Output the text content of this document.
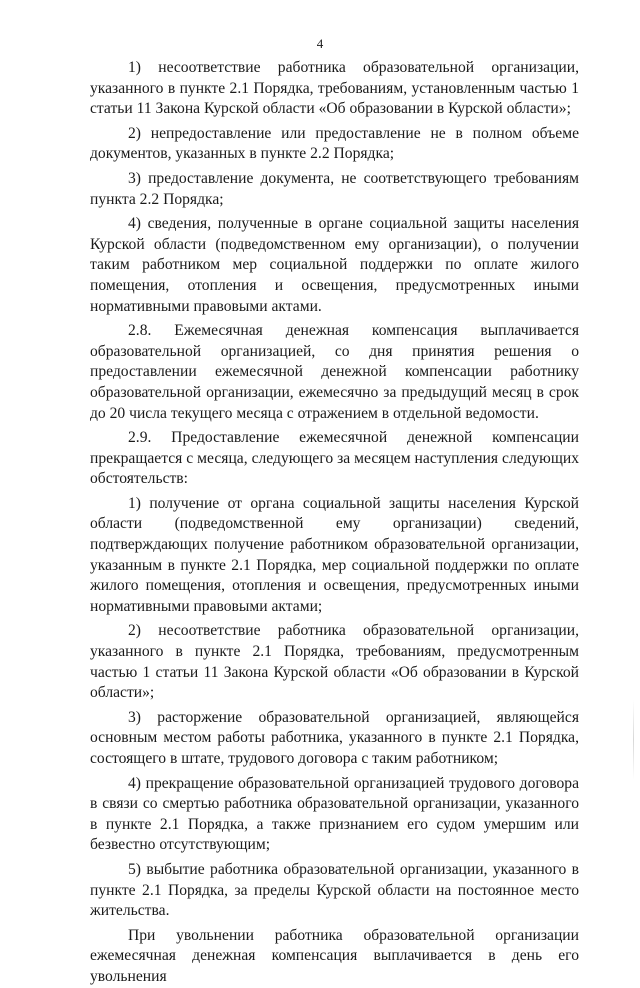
4

1) несоответствие работника образовательной организации, указанного в пункте 2.1 Порядка, требованиям, установленным частью 1 статьи 11 Закона Курской области «Об образовании в Курской области»;

2) непредоставление или предоставление не в полном объеме документов, указанных в пункте 2.2 Порядка;

3) предоставление документа, не соответствующего требованиям пункта 2.2 Порядка;

4) сведения, полученные в органе социальной защиты населения Курской области (подведомственном ему организации), о получении таким работником мер социальной поддержки по оплате жилого помещения, отопления и освещения, предусмотренных иными нормативными правовыми актами.

2.8. Ежемесячная денежная компенсация выплачивается образовательной организацией, со дня принятия решения о предоставлении ежемесячной денежной компенсации работнику образовательной организации, ежемесячно за предыдущий месяц в срок до 20 числа текущего месяца с отражением в отдельной ведомости.

2.9. Предоставление ежемесячной денежной компенсации прекращается с месяца, следующего за месяцем наступления следующих обстоятельств:

1) получение от органа социальной защиты населения Курской области (подведомственной ему организации) сведений, подтверждающих получение работником образовательной организации, указанным в пункте 2.1 Порядка, мер социальной поддержки по оплате жилого помещения, отопления и освещения, предусмотренных иными нормативными правовыми актами;

2) несоответствие работника образовательной организации, указанного в пункте 2.1 Порядка, требованиям, предусмотренным частью 1 статьи 11 Закона Курской области «Об образовании в Курской области»;

3) расторжение образовательной организацией, являющейся основным местом работы работника, указанного в пункте 2.1 Порядка, состоящего в штате, трудового договора с таким работником;

4) прекращение образовательной организацией трудового договора в связи со смертью работника образовательной организации, указанного в пункте 2.1 Порядка, а также признанием его судом умершим или безвестно отсутствующим;

5) выбытие работника образовательной организации, указанного в пункте 2.1 Порядка, за пределы Курской области на постоянное место жительства.

При увольнении работника образовательной организации ежемесячная денежная компенсация выплачивается в день его увольнения
